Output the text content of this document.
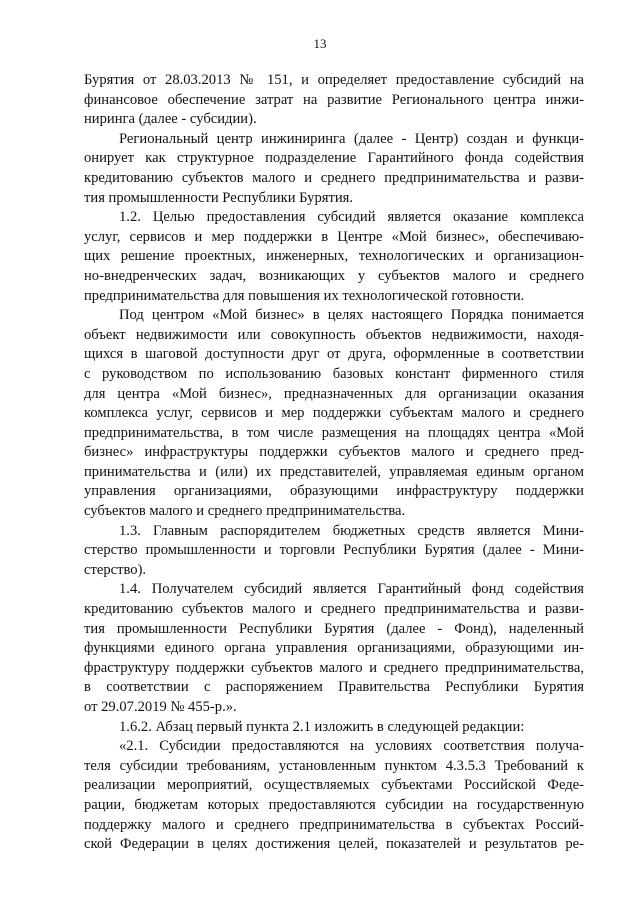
13
Бурятия от 28.03.2013 № 151, и определяет предоставление субсидий на
финансовое обеспечение затрат на развитие Регионального центра инжи-
ниринга (далее - субсидии).
Региональный центр инжиниринга (далее - Центр) создан и функци-
онирует как структурное подразделение Гарантийного фонда содействия
кредитованию субъектов малого и среднего предпринимательства и разви-
тия промышленности Республики Бурятия.
1.2. Целью предоставления субсидий является оказание комплекса
услуг, сервисов и мер поддержки в Центре «Мой бизнес», обеспечиваю-
щих решение проектных, инженерных, технологических и организацион-
но-внедренческих задач, возникающих у субъектов малого и среднего
предпринимательства для повышения их технологической готовности.
Под центром «Мой бизнес» в целях настоящего Порядка понимается
объект недвижимости или совокупность объектов недвижимости, находя-
щихся в шаговой доступности друг от друга, оформленные в соответствии
с руководством по использованию базовых констант фирменного стиля
для центра «Мой бизнес», предназначенных для организации оказания
комплекса услуг, сервисов и мер поддержки субъектам малого и среднего
предпринимательства, в том числе размещения на площадях центра «Мой
бизнес» инфраструктуры поддержки субъектов малого и среднего пред-
принимательства и (или) их представителей, управляемая единым органом
управления организациями, образующими инфраструктуру поддержки
субъектов малого и среднего предпринимательства.
1.3. Главным распорядителем бюджетных средств является Мини-
стерство промышленности и торговли Республики Бурятия (далее - Мини-
стерство).
1.4. Получателем субсидий является Гарантийный фонд содействия
кредитованию субъектов малого и среднего предпринимательства и разви-
тия промышленности Республики Бурятия (далее - Фонд), наделенный
функциями единого органа управления организациями, образующими ин-
фраструктуру поддержки субъектов малого и среднего предпринимательства,
в соответствии с распоряжением Правительства Республики Бурятия
от 29.07.2019 № 455-р.».
1.6.2. Абзац первый пункта 2.1 изложить в следующей редакции:
«2.1. Субсидии предоставляются на условиях соответствия получа-
теля субсидии требованиям, установленным пунктом 4.3.5.3 Требований к
реализации мероприятий, осуществляемых субъектами Российской Феде-
рации, бюджетам которых предоставляются субсидии на государственную
поддержку малого и среднего предпринимательства в субъектах Россий-
ской Федерации в целях достижения целей, показателей и результатов ре-
